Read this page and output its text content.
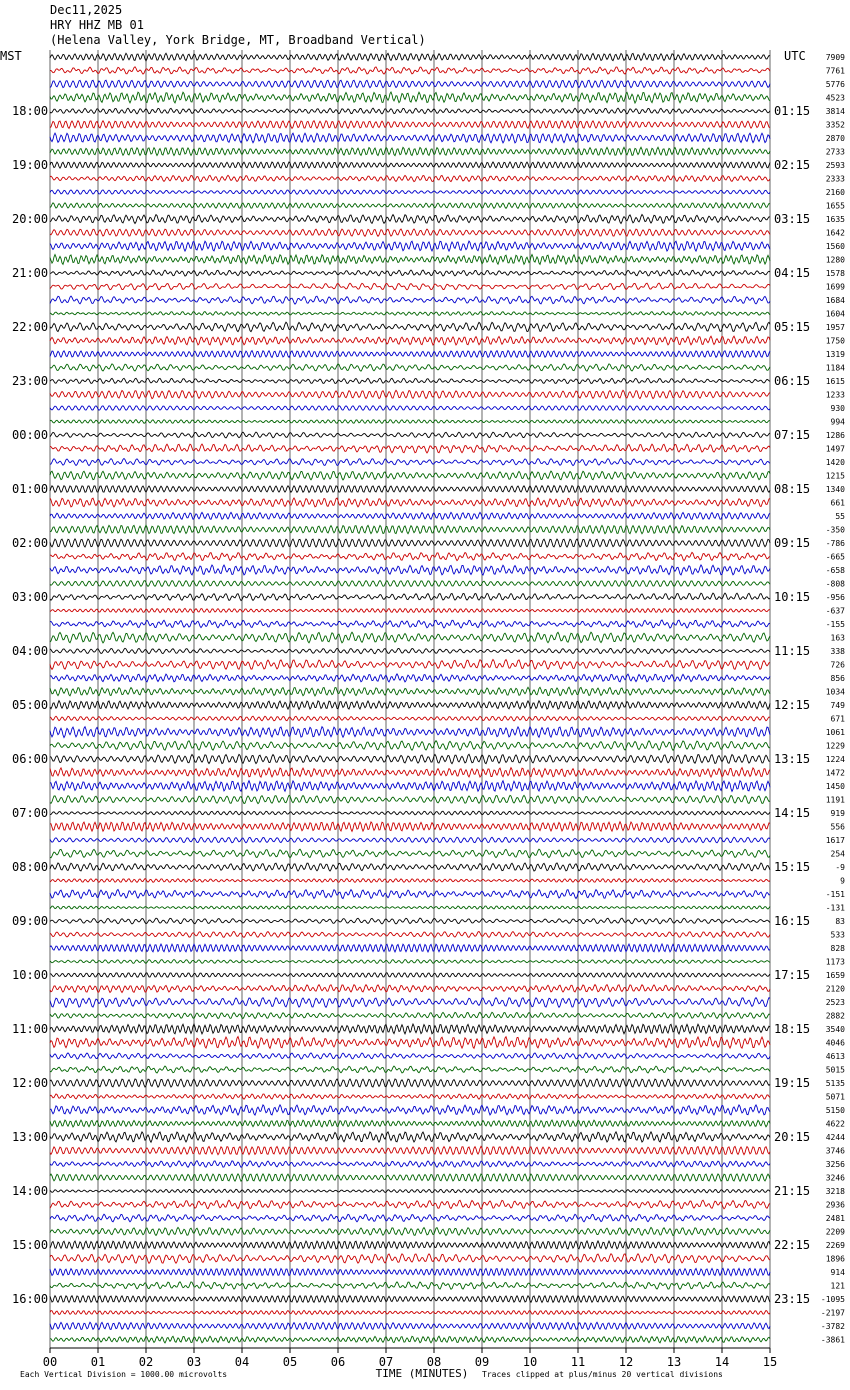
7909
7761
5776
4523
3814
3352
2870
2733
2593
2333
2160
1655
1635
1642
1560
1280
1578
1699
1684
1604
1957
1750
1319
1184
1615
1233
930
994
1286
1497
1420
1215
1340
661
55
-350
-786
-665
-658
-808
-956
-637
-155
163
338
726
856
1034
749
671
1061
1229
1224
1472
1450
1191
919
556
1617
254
-9
9
-151
-131
83
533
828
1173
1659
2120
2523
2882
3540
4046
4613
5015
5135
5071
5150
4622
4244
3746
3256
3246
3218
2936
2481
2209
2269
1896
914
121
-1095
-2197
-3782
-3861
18:00	01:15
19:00	02:15
20:00	03:15
21:00	04:15
22:00	05:15
23:00	06:15
00:00	07:15
01:00	08:15
02:00	09:15
03:00	10:15
04:00	11:15
05:00	12:15
06:00	13:15
07:00	14:15
08:00	15:15
09:00	16:15
10:00	17:15
11:00	18:15
12:00	19:15
13:00	20:15
14:00	21:15
15:00	22:15
16:00	23:15
00	01	02	03	04	05	06	07	08	09	10	11	12	13	14	15
TIME (MINUTES)
Dec11,2025
HRY HHZ MB 01
(Helena Valley, York Bridge, MT, Broadband Vertical)
MST	UTC
Each Vertical Division = 1000.00 microvolts	Traces clipped at plus/minus 20 vertical divisions
